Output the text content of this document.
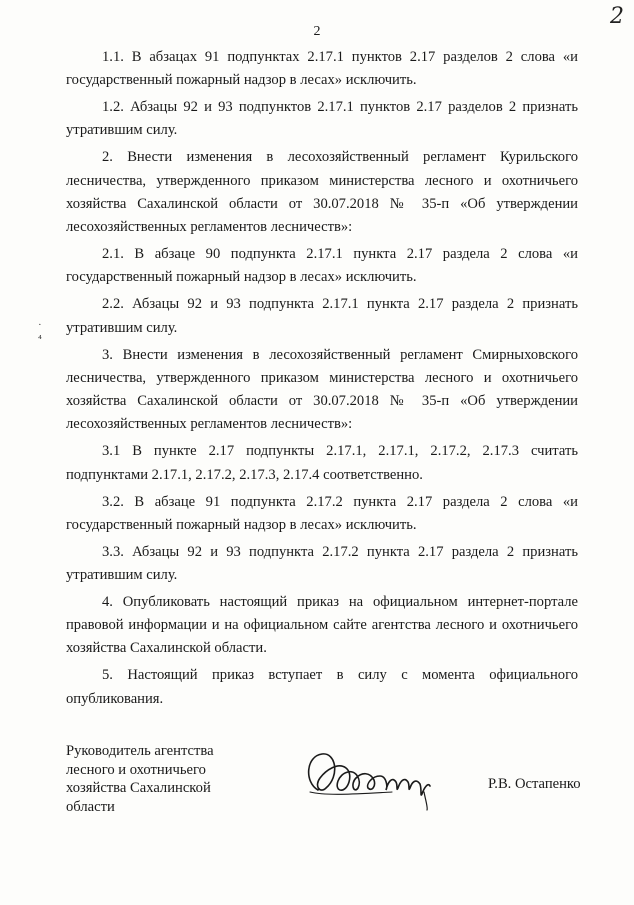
2
2
·
⁴

1.1. В абзацах 91 подпунктах 2.17.1 пунктов 2.17 разделов 2 слова «и государственный пожарный надзор в лесах» исключить.

1.2. Абзацы 92 и 93 подпунктов 2.17.1 пунктов 2.17 разделов 2 признать утратившим силу.

2. Внести изменения в лесохозяйственный регламент Курильского лесничества, утвержденного приказом министерства лесного и охотничьего хозяйства Сахалинской области от 30.07.2018 № 35-п «Об утверждении лесохозяйственных регламентов лесничеств»:

2.1. В абзаце 90 подпункта 2.17.1 пункта 2.17 раздела 2 слова «и государственный пожарный надзор в лесах» исключить.

2.2. Абзацы 92 и 93 подпункта 2.17.1 пункта 2.17 раздела 2 признать утратившим силу.

3. Внести изменения в лесохозяйственный регламент Смирныховского лесничества, утвержденного приказом министерства лесного и охотничьего хозяйства Сахалинской области от 30.07.2018 № 35-п «Об утверждении лесохозяйственных регламентов лесничеств»:

3.1 В пункте 2.17 подпункты 2.17.1, 2.17.1, 2.17.2, 2.17.3 считать подпунктами 2.17.1, 2.17.2, 2.17.3, 2.17.4 соответственно.

3.2. В абзаце 91 подпункта 2.17.2 пункта 2.17 раздела 2 слова «и государственный пожарный надзор в лесах» исключить.

3.3. Абзацы 92 и 93 подпункта 2.17.2 пункта 2.17 раздела 2 признать утратившим силу.

4. Опубликовать настоящий приказ на официальном интернет-портале правовой информации и на официальном сайте агентства лесного и охотничьего хозяйства Сахалинской области.

5. Настоящий приказ вступает в силу с момента официального опубликования.

Руководитель агентства
лесного и охотничьего
хозяйства Сахалинской
области
Р.В. Остапенко
